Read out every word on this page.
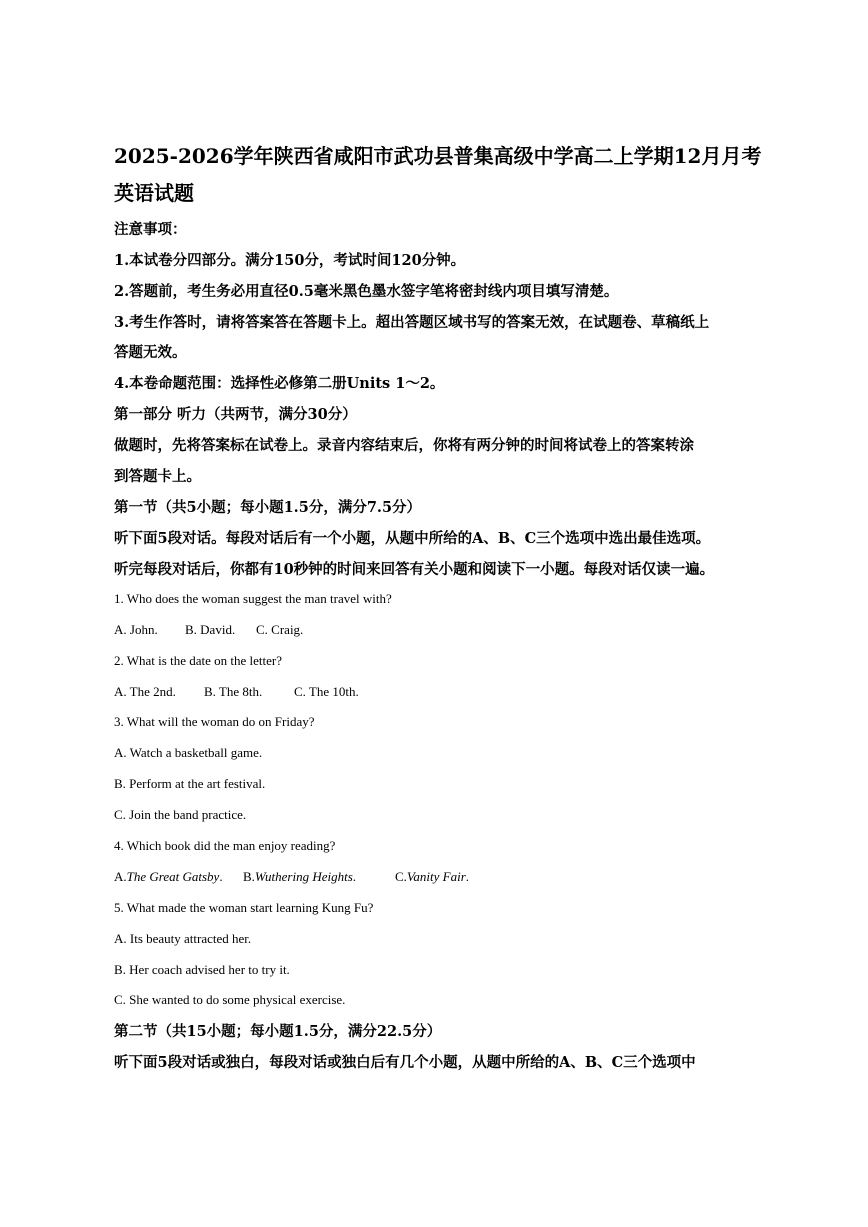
2025-2026学年陕西省咸阳市武功县普集高级中学高二上学期12月月考英语试题
注意事项：
1.本试卷分四部分。满分150分，考试时间120分钟。
2.答题前，考生务必用直径0.5毫米黑色墨水签字笔将密封线内项目填写清楚。
3.考生作答时，请将答案答在答题卡上。超出答题区域书写的答案无效，在试题卷、草稿纸上
答题无效。
4.本卷命题范围：选择性必修第二册Units 1～2。
第一部分 听力（共两节，满分30分）
做题时，先将答案标在试卷上。录音内容结束后，你将有两分钟的时间将试卷上的答案转涂
到答题卡上。
第一节（共5小题；每小题1.5分，满分7.5分）
听下面5段对话。每段对话后有一个小题，从题中所给的A、B、C三个选项中选出最佳选项。
听完每段对话后，你都有10秒钟的时间来回答有关小题和阅读下一小题。每段对话仅读一遍。
1. Who does the woman suggest the man travel with?
A. John. B. David. C. Craig.
2. What is the date on the letter?
A. The 2nd. B. The 8th. C. The 10th.
3. What will the woman do on Friday?
A. Watch a basketball game.
B. Perform at the art festival.
C. Join the band practice.
4. Which book did the man enjoy reading?
A.The Great Gatsby. B.Wuthering Heights.	C.Vanity Fair.
5. What made the woman start learning Kung Fu?
A. Its beauty attracted her.
B. Her coach advised her to try it.
C. She wanted to do some physical exercise.
第二节（共15小题；每小题1.5分，满分22.5分）
听下面5段对话或独白，每段对话或独白后有几个小题，从题中所给的A、B、C三个选项中
